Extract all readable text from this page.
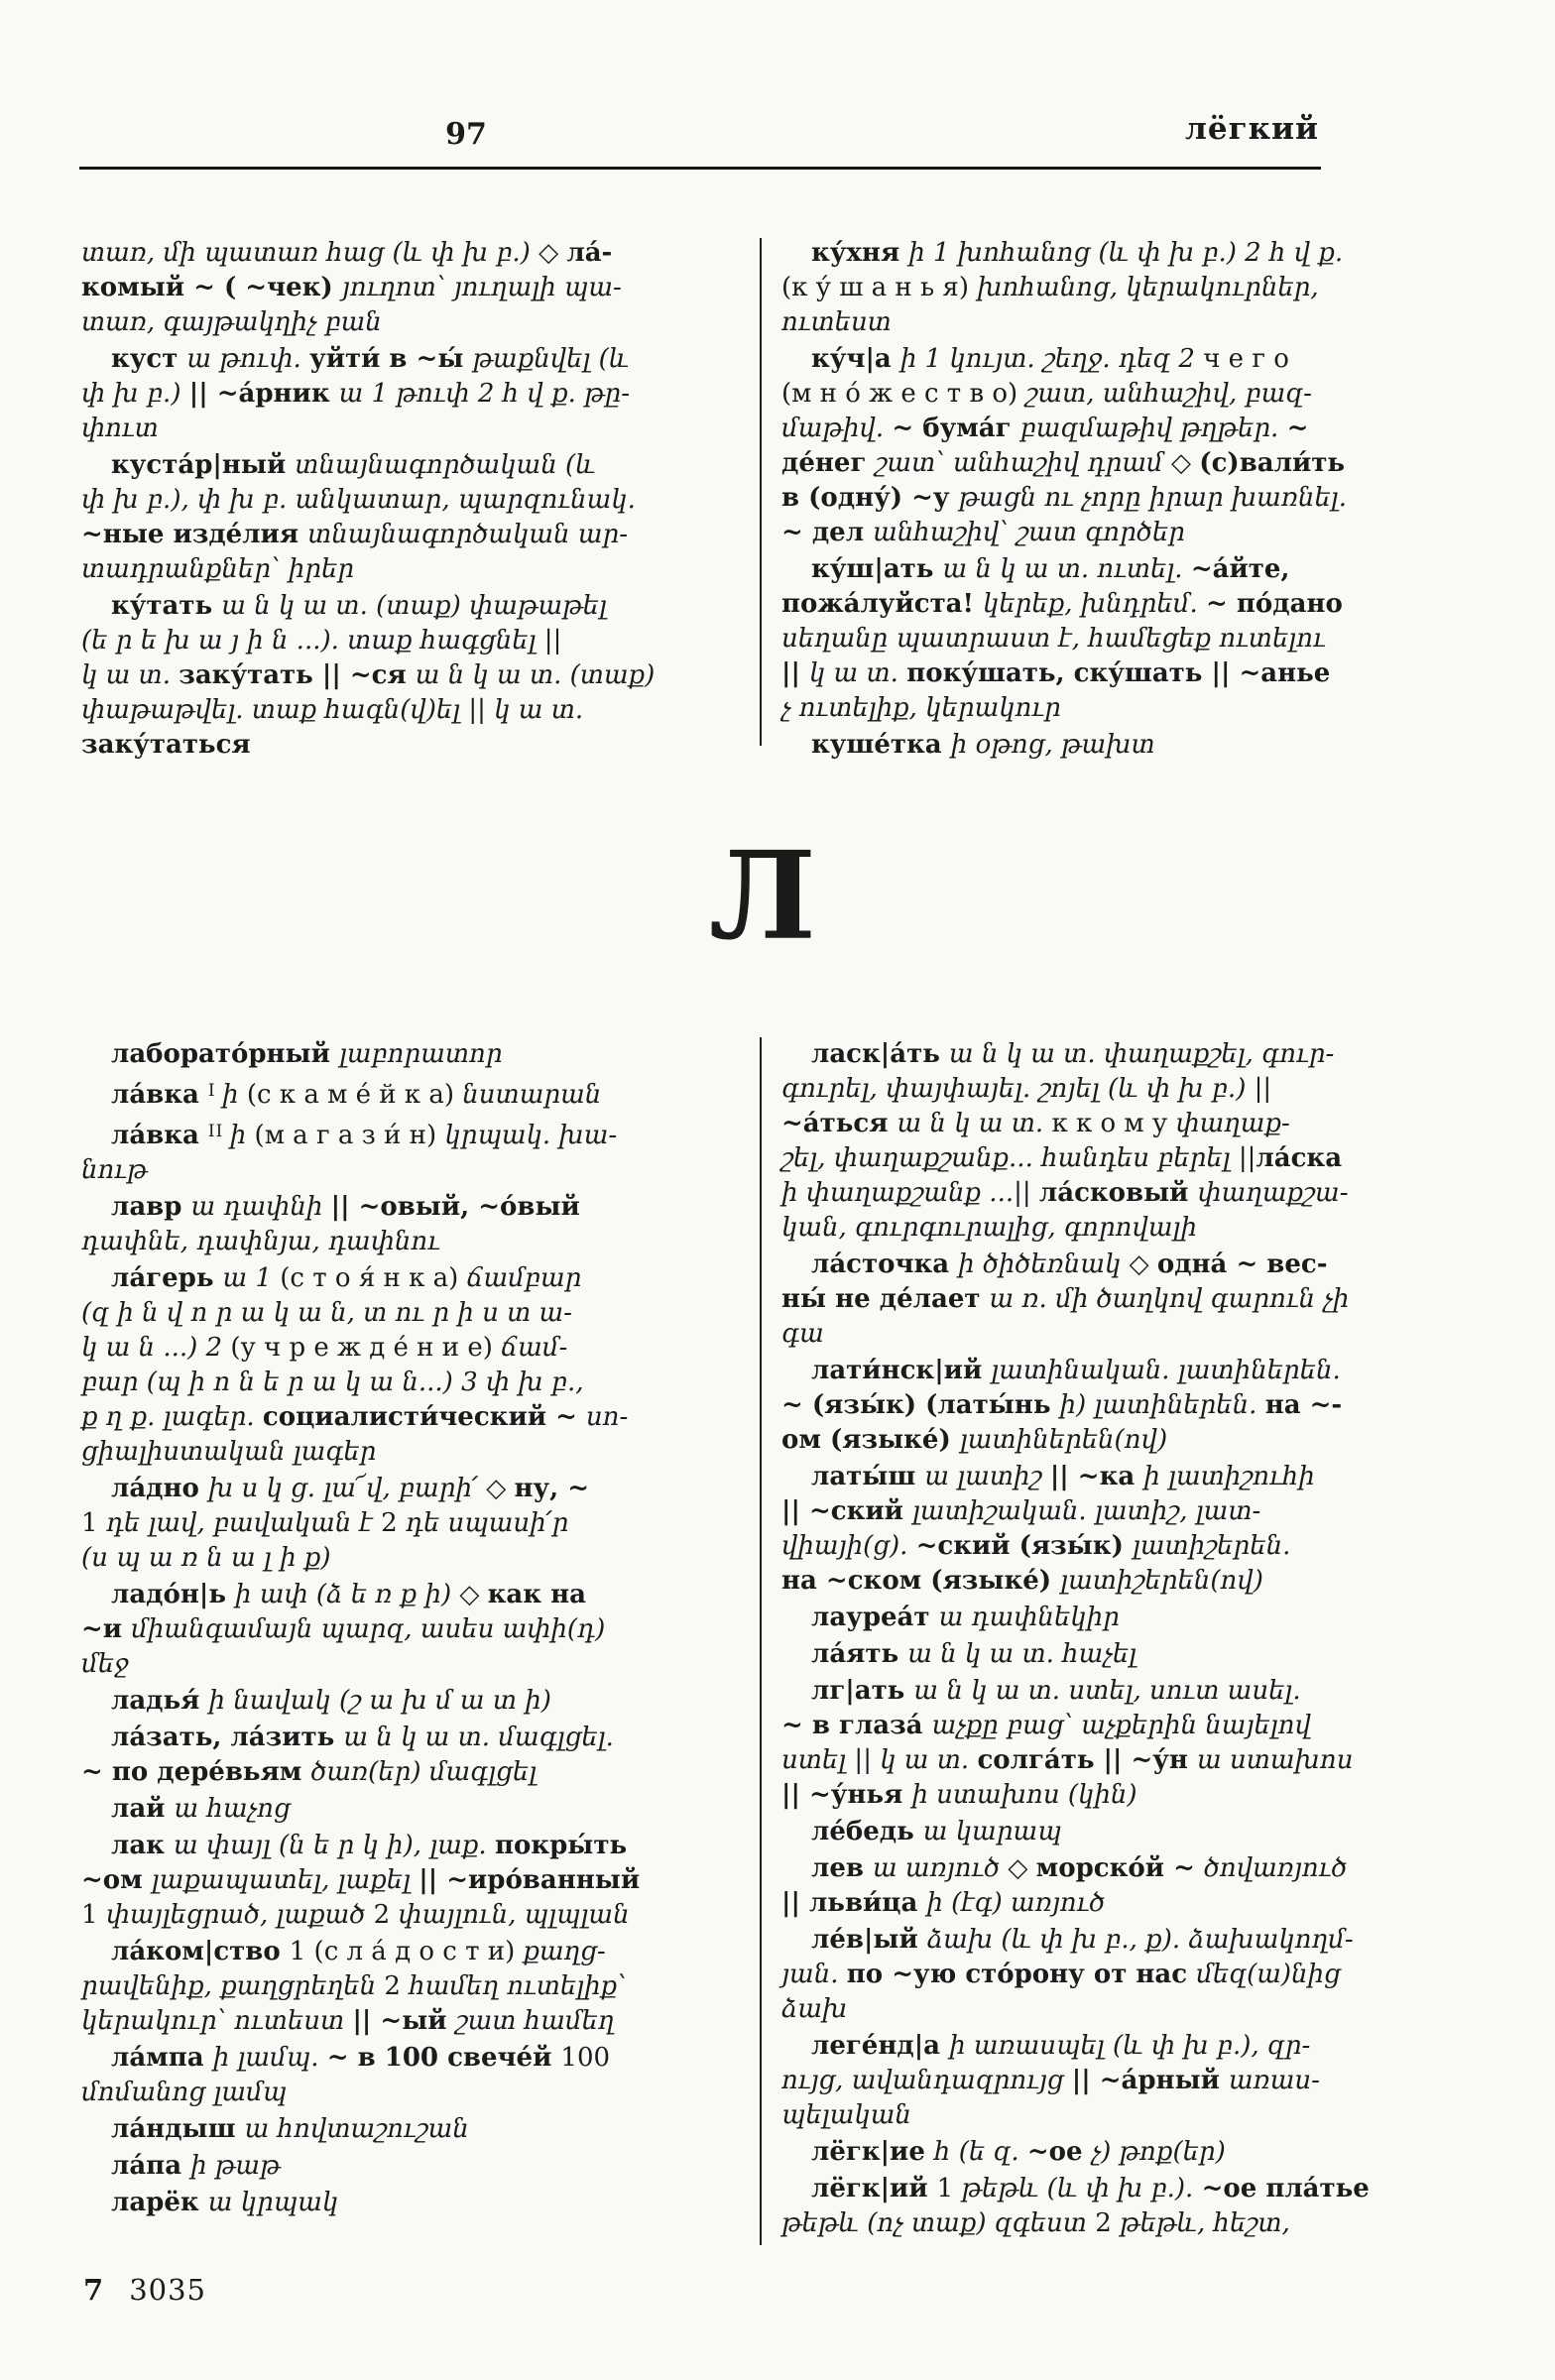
97	лёгкий

տառ, մի պատառ հաց (և փ խ բ.) ◇ ла́-
комый ~ ( ~чек) յուղոտ՝ յուղալի պա-
տառ, գայթակղիչ բան

куст ա թուփ. уйти́ в ~ы́ թաքնվել (և
փ խ բ.) || ~а́рник ա 1 թուփ 2 հ վ ք. թը-
փուտ

куста́р|ный տնայնագործական (և
փ խ բ.), փ խ բ. անկատար, պարզունակ.
~ные изде́лия տնայնագործական ար-
տադրանքներ՝ իրեր

ку́тать ա ն կ ա տ. (տաք) փաթաթել
(ե ր ե խ ա յ ի ն ...). տաք հագցնել ||
կ ա տ. заку́тать || ~ся ա ն կ ա տ. (տաք)
փաթաթվել. տաք հագն(վ)ել || կ ա տ.
заку́таться

ку́хня ի 1 խոհանոց (և փ խ բ.) 2 հ վ ք.
(к у́ ш а н ь я) խոհանոց, կերակուրներ,
ուտեստ

ку́ч|а ի 1 կույտ. շեղջ. դեզ 2 ч е г о
(м н о́ ж е с т в о) շատ, անհաշիվ, բազ-
մաթիվ. ~ бума́г բազմաթիվ թղթեր. ~
де́нег շատ՝ անհաշիվ դրամ ◇ (с)вали́ть
в (одну́) ~у թացն ու չորը իրար խառնել.
~ дел անհաշիվ՝ շատ գործեր

ку́ш|ать ա ն կ ա տ. ուտել. ~а́йте,
пожа́луйста! կերեք, խնդրեմ. ~ по́дано
սեղանը պատրաստ է, համեցեք ուտելու
|| կ ա տ. поку́шать, ску́шать || ~анье
չ ուտելիք, կերակուր

куше́тка ի օթոց, թախտ

Л

лаборато́рный լաբորատոր

ла́вка $^I$ ի (с к а м е́ й к а) նստարան

ла́вка $^{II}$ ի (м а г а з и́ н) կրպակ. խա-
նութ

лавр ա դափնի || ~овый, ~о́вый
դափնե, դափնյա, դափնու

ла́герь ա 1 (с т о я́ н к а) ճամբար
(զ ի ն վ ո ր ա կ ա ն, տ ու ր ի ս տ ա-
կ ա ն ...) 2 (у ч р е ж д е́ н и е) ճամ-
բար (պ ի ո ն ե ր ա կ ա ն...) 3 փ խ բ.,
ք ղ ք. լագեր. социалисти́ческий ~ սո-
ցիալիստական լագեր

ла́дно խ ս կ ց. լա՜վ, բարի՛ ◇ ну, ~
1 դե լավ, բավական է 2 դե սպասի՛ր
(ս պ ա ռ ն ա լ ի ք)

ладо́н|ь ի ափ (ձ ե ռ ք ի) ◇ как на
~и միանգամայն պարզ, ասես ափի(դ)
մեջ

ладья́ ի նավակ (շ ա խ մ ա տ ի)

ла́зать, ла́зить ա ն կ ա տ. մագլցել.
~ по дере́вьям ծառ(եր) մագլցել

лай ա հաչոց

лак ա փայլ (ն ե ր կ ի), լաք. покры́ть
~ом լաքապատել, լաքել || ~иро́ванный
1 փայլեցրած, լաքած 2 փայլուն, պլպլան

ла́ком|ство 1 (с л а́ д о с т и) քաղց-
րավենիք, քաղցրեղեն 2 համեղ ուտելիք՝
կերակուր՝ ուտեստ || ~ый շատ համեղ

ла́мпа ի լամպ. ~ в 100 свече́й 100
մոմանոց լամպ

ла́ндыш ա հովտաշուշան

ла́па ի թաթ

ларёк ա կրպակ

ласк|а́ть ա ն կ ա տ. փաղաքշել, գուր-
գուրել, փայփայել. շոյել (և փ խ բ.) ||
~а́ться ա ն կ ա տ. к к о м у փաղաք-
շել, փաղաքշանք... հանդես բերել ||ла́ска
ի փաղաքշանք ...|| ла́сковый փաղաքշա-
կան, գուրգուրալից, գորովալի

ла́сточка ի ծիծեռնակ ◇ одна́ ~ вес-
ны́ не де́лает ա ռ. մի ծաղկով գարուն չի
գա

лати́нск|ий լատինական. լատիներեն.
~ (язы́к) (латы́нь ի) լատիներեն. на ~-
ом (языке́) լատիներեն(ով)

латы́ш ա լատիշ || ~ка ի լատիշուհի
|| ~ский լատիշական. լատիշ, լատ-
վիայի(ց). ~ский (язы́к) լատիշերեն.
на ~ском (языке́) լատիշերեն(ով)

лауреа́т ա դափնեկիր

ла́ять ա ն կ ա տ. հաչել

лг|ать ա ն կ ա տ. ստել, սուտ ասել.
~ в глаза́ աչքը բաց՝ աչքերին նայելով
ստել || կ ա տ. солга́ть || ~у́н ա ստախոս
|| ~у́нья ի ստախոս (կին)

ле́бедь ա կարապ

лев ա առյուծ ◇ морско́й ~ ծովառյուծ
|| льви́ца ի (էգ) առյուծ

ле́в|ый ձախ (և փ խ բ., ք). ձախակողմ-
յան. по ~ую сто́рону от нас մեզ(ա)նից
ձախ

леге́нд|а ի առասպել (և փ խ բ.), զր-
ույց, ավանդազրույց || ~а́рный առաս-
պելական

лёгк|ие հ (ե զ. ~ое չ) թոք(եր)

лёгк|ий 1 թեթև (և փ խ բ.). ~ое пла́тье
թեթև (ոչ տաք) զգեստ 2 թեթև, հեշտ,

7 3035
